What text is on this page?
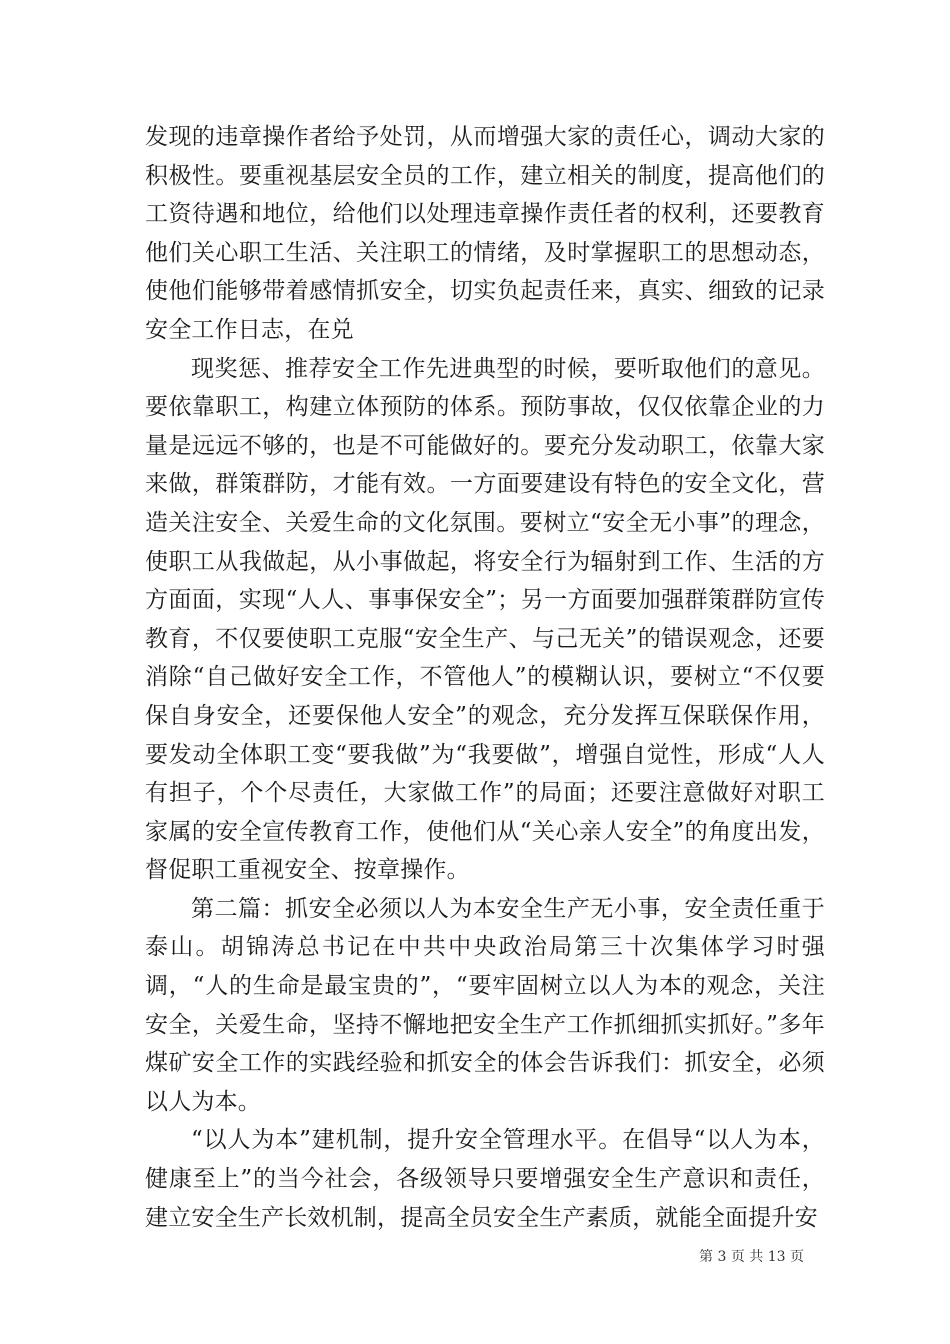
发现的违章操作者给予处罚，从而增强大家的责任心，调动大家的积极性。要重视基层安全员的工作，建立相关的制度，提高他们的工资待遇和地位，给他们以处理违章操作责任者的权利，还要教育他们关心职工生活、关注职工的情绪，及时掌握职工的思想动态，使他们能够带着感情抓安全，切实负起责任来，真实、细致的记录安全工作日志，在兑

现奖惩、推荐安全工作先进典型的时候，要听取他们的意见。要依靠职工，构建立体预防的体系。预防事故，仅仅依靠企业的力量是远远不够的，也是不可能做好的。要充分发动职工，依靠大家来做，群策群防，才能有效。一方面要建设有特色的安全文化，营造关注安全、关爱生命的文化氛围。要树立“安全无小事”的理念，使职工从我做起，从小事做起，将安全行为辐射到工作、生活的方方面面，实现“人人、事事保安全”；另一方面要加强群策群防宣传教育，不仅要使职工克服“安全生产、与己无关”的错误观念，还要消除“自己做好安全工作，不管他人”的模糊认识，要树立“不仅要保自身安全，还要保他人安全”的观念，充分发挥互保联保作用，要发动全体职工变“要我做”为“我要做”，增强自觉性，形成“人人有担子，个个尽责任，大家做工作”的局面；还要注意做好对职工家属的安全宣传教育工作，使他们从“关心亲人安全”的角度出发，督促职工重视安全、按章操作。

第二篇：抓安全必须以人为本安全生产无小事，安全责任重于泰山。胡锦涛总书记在中共中央政治局第三十次集体学习时强调，“人的生命是最宝贵的”，“要牢固树立以人为本的观念，关注安全，关爱生命，坚持不懈地把安全生产工作抓细抓实抓好。”多年煤矿安全工作的实践经验和抓安全的体会告诉我们：抓安全，必须以人为本。

“以人为本”建机制，提升安全管理水平。在倡导“以人为本，健康至上”的当今社会，各级领导只要增强安全生产意识和责任，建立安全生产长效机制，提高全员安全生产素质，就能全面提升安

第 3 页 共 13 页
